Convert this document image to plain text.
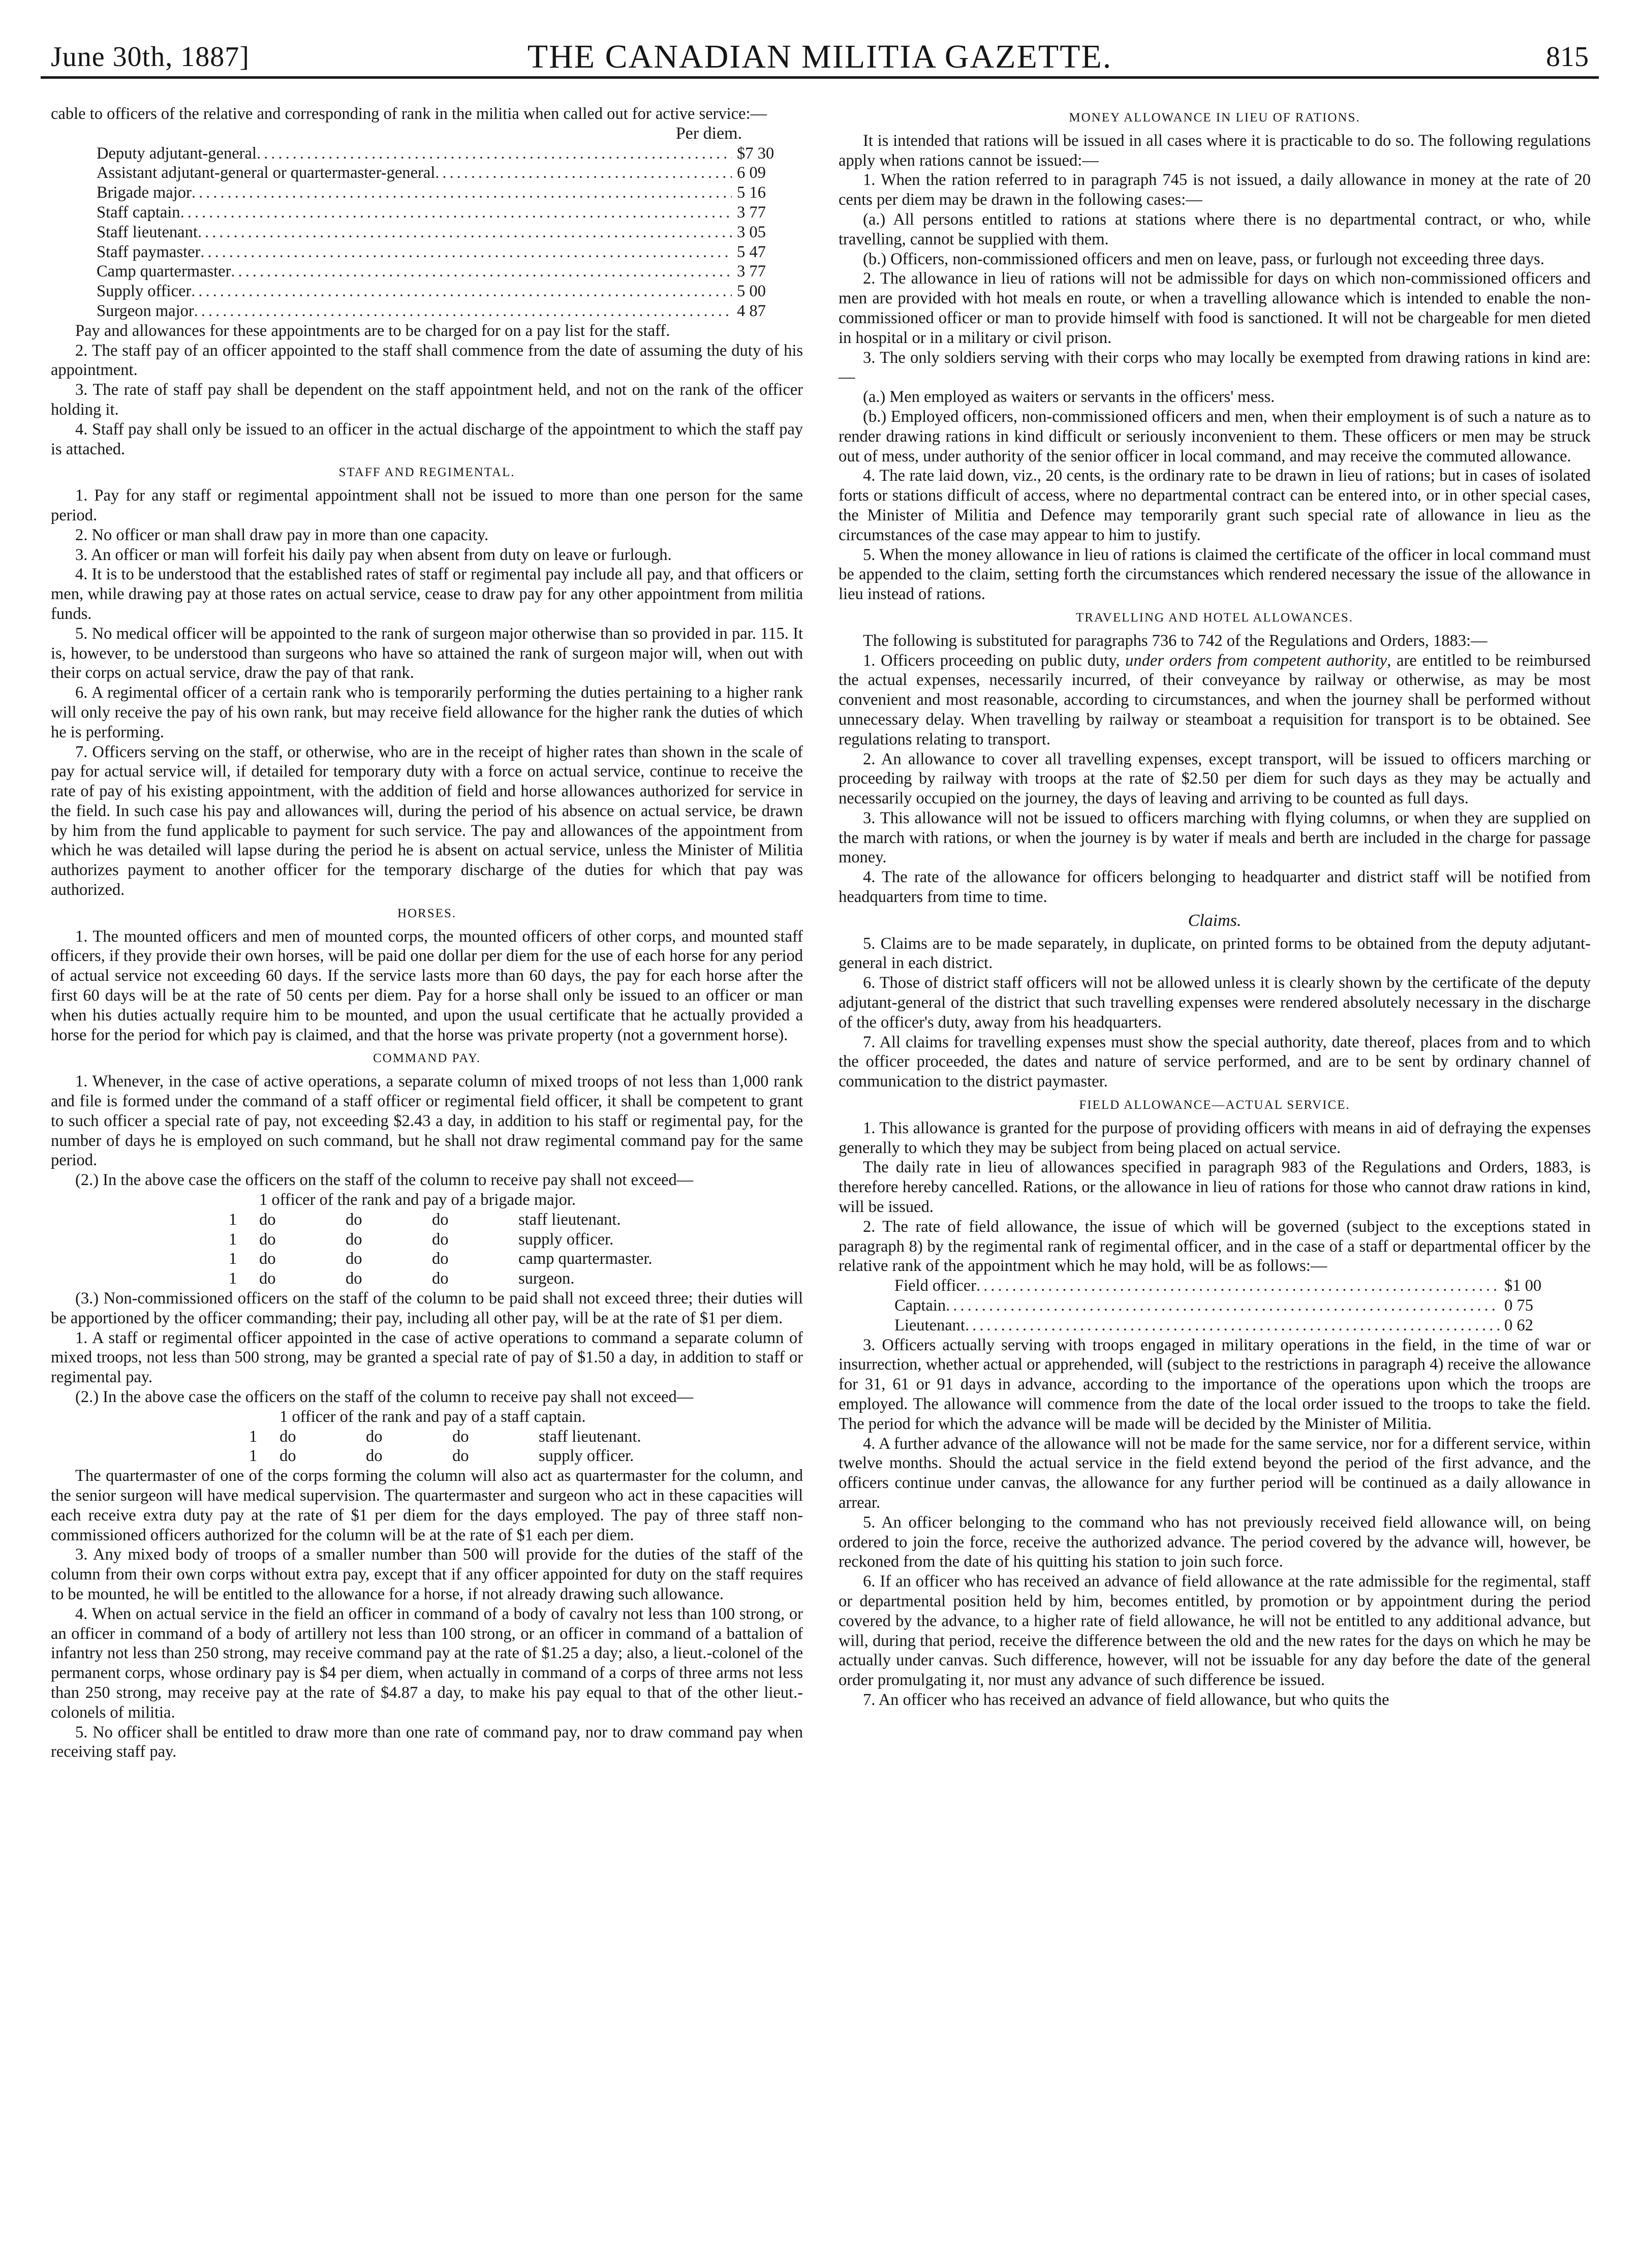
June 30th, 1887]	THE CANADIAN MILITIA GAZETTE.	815

cable to officers of the relative and corresponding of rank in the militia when called out for active service:—

Per diem.
Deputy adjutant-general .....	$7 30
Assistant adjutant-general or quartermaster-general .....	6 09
Brigade major .....	5 16
Staff captain .....	3 77
Staff lieutenant .....	3 05
Staff paymaster .....	5 47
Camp quartermaster .....	3 77
Supply officer .....	5 00
Surgeon major .....	4 87

Pay and allowances for these appointments are to be charged for on a pay list for the staff.

2. The staff pay of an officer appointed to the staff shall commence from the date of assuming the duty of his appointment.

3. The rate of staff pay shall be dependent on the staff appointment held, and not on the rank of the officer holding it.

4. Staff pay shall only be issued to an officer in the actual discharge of the appointment to which the staff pay is attached.

STAFF AND REGIMENTAL.

1. Pay for any staff or regimental appointment shall not be issued to more than one person for the same period.

2. No officer or man shall draw pay in more than one capacity.

3. An officer or man will forfeit his daily pay when absent from duty on leave or furlough.

4. It is to be understood that the established rates of staff or regimental pay include all pay, and that officers or men, while drawing pay at those rates on actual service, cease to draw pay for any other appointment from militia funds.

5. No medical officer will be appointed to the rank of surgeon major otherwise than so provided in par. 115. It is, however, to be understood than surgeons who have so attained the rank of surgeon major will, when out with their corps on actual service, draw the pay of that rank.

6. A regimental officer of a certain rank who is temporarily performing the duties pertaining to a higher rank will only receive the pay of his own rank, but may receive field allowance for the higher rank the duties of which he is performing.

7. Officers serving on the staff, or otherwise, who are in the receipt of higher rates than shown in the scale of pay for actual service will, if detailed for temporary duty with a force on actual service, continue to receive the rate of pay of his existing appointment, with the addition of field and horse allowances authorized for service in the field. In such case his pay and allowances will, during the period of his absence on actual service, be drawn by him from the fund applicable to payment for such service. The pay and allowances of the appointment from which he was detailed will lapse during the period he is absent on actual service, unless the Minister of Militia authorizes payment to another officer for the temporary discharge of the duties for which that pay was authorized.

HORSES.

1. The mounted officers and men of mounted corps, the mounted officers of other corps, and mounted staff officers, if they provide their own horses, will be paid one dollar per diem for the use of each horse for any period of actual service not exceeding 60 days. If the service lasts more than 60 days, the pay for each horse after the first 60 days will be at the rate of 50 cents per diem. Pay for a horse shall only be issued to an officer or man when his duties actually require him to be mounted, and upon the usual certificate that he actually provided a horse for the period for which pay is claimed, and that the horse was private property (not a government horse).

COMMAND PAY.

1. Whenever, in the case of active operations, a separate column of mixed troops of not less than 1,000 rank and file is formed under the command of a staff officer or regimental field officer, it shall be competent to grant to such officer a special rate of pay, not exceeding $2.43 a day, in addition to his staff or regimental pay, for the number of days he is employed on such command, but he shall not draw regimental command pay for the same period.

(2.) In the above case the officers on the staff of the column to receive pay shall not exceed—

1 officer of the rank and pay of a brigade major.
1	do	do	do	staff lieutenant.
1	do	do	do	supply officer.
1	do	do	do	camp quartermaster.
1	do	do	do	surgeon.

(3.) Non-commissioned officers on the staff of the column to be paid shall not exceed three; their duties will be apportioned by the officer commanding; their pay, including all other pay, will be at the rate of $1 per diem.

1. A staff or regimental officer appointed in the case of active operations to command a separate column of mixed troops, not less than 500 strong, may be granted a special rate of pay of $1.50 a day, in addition to staff or regimental pay.

(2.) In the above case the officers on the staff of the column to receive pay shall not exceed—

1 officer of the rank and pay of a staff captain.
1	do	do	do	staff lieutenant.
1	do	do	do	supply officer.

The quartermaster of one of the corps forming the column will also act as quartermaster for the column, and the senior surgeon will have medical supervision. The quartermaster and surgeon who act in these capacities will each receive extra duty pay at the rate of $1 per diem for the days employed. The pay of three staff non-commissioned officers authorized for the column will be at the rate of $1 each per diem.

3. Any mixed body of troops of a smaller number than 500 will provide for the duties of the staff of the column from their own corps without extra pay, except that if any officer appointed for duty on the staff requires to be mounted, he will be entitled to the allowance for a horse, if not already drawing such allowance.

4. When on actual service in the field an officer in command of a body of cavalry not less than 100 strong, or an officer in command of a body of artillery not less than 100 strong, or an officer in command of a battalion of infantry not less than 250 strong, may receive command pay at the rate of $1.25 a day; also, a lieut.-colonel of the permanent corps, whose ordinary pay is $4 per diem, when actually in command of a corps of three arms not less than 250 strong, may receive pay at the rate of $4.87 a day, to make his pay equal to that of the other lieut.-colonels of militia.

5. No officer shall be entitled to draw more than one rate of command pay, nor to draw command pay when receiving staff pay.

MONEY ALLOWANCE IN LIEU OF RATIONS.

It is intended that rations will be issued in all cases where it is practicable to do so. The following regulations apply when rations cannot be issued:—

1. When the ration referred to in paragraph 745 is not issued, a daily allowance in money at the rate of 20 cents per diem may be drawn in the following cases:—

(a.) All persons entitled to rations at stations where there is no departmental contract, or who, while travelling, cannot be supplied with them.

(b.) Officers, non-commissioned officers and men on leave, pass, or furlough not exceeding three days.

2. The allowance in lieu of rations will not be admissible for days on which non-commissioned officers and men are provided with hot meals en route, or when a travelling allowance which is intended to enable the non-commissioned officer or man to provide himself with food is sanctioned. It will not be chargeable for men dieted in hospital or in a military or civil prison.

3. The only soldiers serving with their corps who may locally be exempted from drawing rations in kind are:—

(a.) Men employed as waiters or servants in the officers' mess.

(b.) Employed officers, non-commissioned officers and men, when their employment is of such a nature as to render drawing rations in kind difficult or seriously inconvenient to them. These officers or men may be struck out of mess, under authority of the senior officer in local command, and may receive the commuted allowance.

4. The rate laid down, viz., 20 cents, is the ordinary rate to be drawn in lieu of rations; but in cases of isolated forts or stations difficult of access, where no departmental contract can be entered into, or in other special cases, the Minister of Militia and Defence may temporarily grant such special rate of allowance in lieu as the circumstances of the case may appear to him to justify.

5. When the money allowance in lieu of rations is claimed the certificate of the officer in local command must be appended to the claim, setting forth the circumstances which rendered necessary the issue of the allowance in lieu instead of rations.

TRAVELLING AND HOTEL ALLOWANCES.

The following is substituted for paragraphs 736 to 742 of the Regulations and Orders, 1883:—

1. Officers proceeding on public duty, under orders from competent authority, are entitled to be reimbursed the actual expenses, necessarily incurred, of their conveyance by railway or otherwise, as may be most convenient and most reasonable, according to circumstances, and when the journey shall be performed without unnecessary delay. When travelling by railway or steamboat a requisition for transport is to be obtained. See regulations relating to transport.

2. An allowance to cover all travelling expenses, except transport, will be issued to officers marching or proceeding by railway with troops at the rate of $2.50 per diem for such days as they may be actually and necessarily occupied on the journey, the days of leaving and arriving to be counted as full days.

3. This allowance will not be issued to officers marching with flying columns, or when they are supplied on the march with rations, or when the journey is by water if meals and berth are included in the charge for passage money.

4. The rate of the allowance for officers belonging to headquarter and district staff will be notified from headquarters from time to time.

Claims.

5. Claims are to be made separately, in duplicate, on printed forms to be obtained from the deputy adjutant-general in each district.

6. Those of district staff officers will not be allowed unless it is clearly shown by the certificate of the deputy adjutant-general of the district that such travelling expenses were rendered absolutely necessary in the discharge of the officer's duty, away from his headquarters.

7. All claims for travelling expenses must show the special authority, date thereof, places from and to which the officer proceeded, the dates and nature of service performed, and are to be sent by ordinary channel of communication to the district paymaster.

FIELD ALLOWANCE—ACTUAL SERVICE.

1. This allowance is granted for the purpose of providing officers with means in aid of defraying the expenses generally to which they may be subject from being placed on actual service.

The daily rate in lieu of allowances specified in paragraph 983 of the Regulations and Orders, 1883, is therefore hereby cancelled. Rations, or the allowance in lieu of rations for those who cannot draw rations in kind, will be issued.

2. The rate of field allowance, the issue of which will be governed (subject to the exceptions stated in paragraph 8) by the regimental rank of regimental officer, and in the case of a staff or departmental officer by the relative rank of the appointment which he may hold, will be as follows:—

Field officer .....	$1 00
Captain .....	0 75
Lieutenant .....	0 62

3. Officers actually serving with troops engaged in military operations in the field, in the time of war or insurrection, whether actual or apprehended, will (subject to the restrictions in paragraph 4) receive the allowance for 31, 61 or 91 days in advance, according to the importance of the operations upon which the troops are employed. The allowance will commence from the date of the local order issued to the troops to take the field. The period for which the advance will be made will be decided by the Minister of Militia.

4. A further advance of the allowance will not be made for the same service, nor for a different service, within twelve months. Should the actual service in the field extend beyond the period of the first advance, and the officers continue under canvas, the allowance for any further period will be continued as a daily allowance in arrear.

5. An officer belonging to the command who has not previously received field allowance will, on being ordered to join the force, receive the authorized advance. The period covered by the advance will, however, be reckoned from the date of his quitting his station to join such force.

6. If an officer who has received an advance of field allowance at the rate admissible for the regimental, staff or departmental position held by him, becomes entitled, by promotion or by appointment during the period covered by the advance, to a higher rate of field allowance, he will not be entitled to any additional advance, but will, during that period, receive the difference between the old and the new rates for the days on which he may be actually under canvas. Such difference, however, will not be issuable for any day before the date of the general order promulgating it, nor must any advance of such difference be issued.

7. An officer who has received an advance of field allowance, but who quits the
